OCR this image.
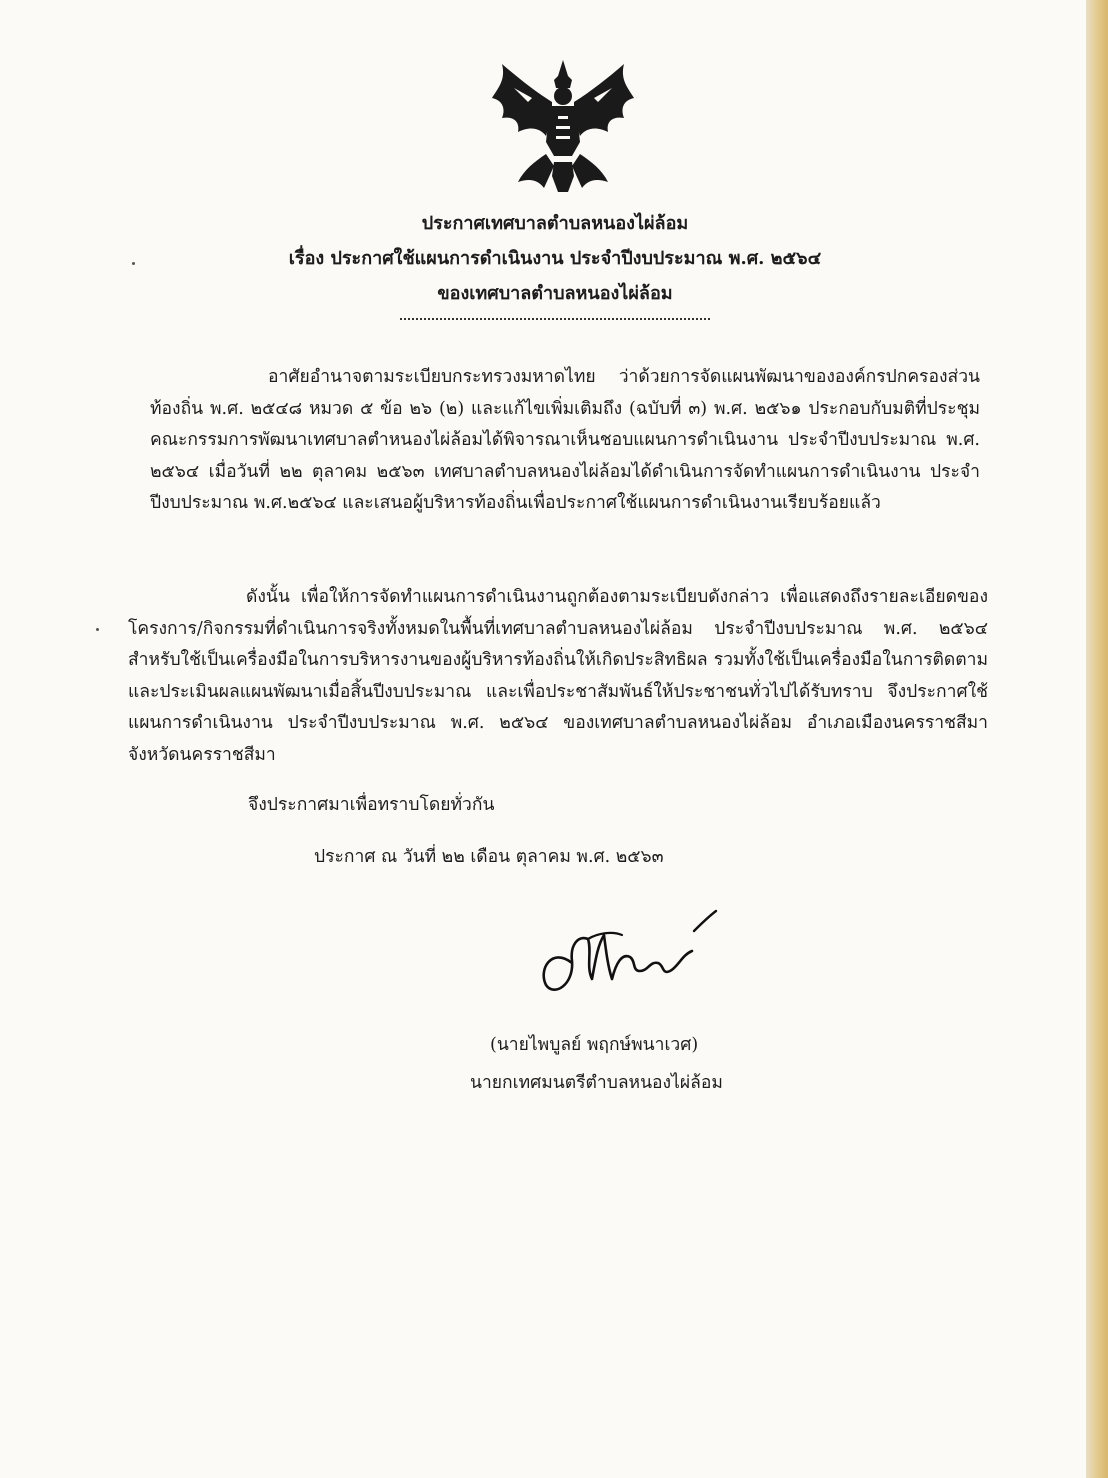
ประกาศเทศบาลตำบลหนองไผ่ล้อม
เรื่อง ประกาศใช้แผนการดำเนินงาน ประจำปีงบประมาณ พ.ศ. ๒๕๖๔
ของเทศบาลตำบลหนองไผ่ล้อม

อาศัยอำนาจตามระเบียบกระทรวงมหาดไทย ว่าด้วยการจัดแผนพัฒนาขององค์กรปกครองส่วนท้องถิ่น พ.ศ. ๒๕๔๘ หมวด ๕ ข้อ ๒๖ (๒) และแก้ไขเพิ่มเติมถึง (ฉบับที่ ๓) พ.ศ. ๒๕๖๑ ประกอบกับมติที่ประชุมคณะกรรมการพัฒนาเทศบาลตำหนองไผ่ล้อมได้พิจารณาเห็นชอบแผนการดำเนินงาน ประจำปีงบประมาณ พ.ศ. ๒๕๖๔ เมื่อวันที่ ๒๒ ตุลาคม ๒๕๖๓ เทศบาลตำบลหนองไผ่ล้อมได้ดำเนินการจัดทำแผนการดำเนินงาน ประจำปีงบประมาณ พ.ศ.๒๕๖๔ และเสนอผู้บริหารท้องถิ่นเพื่อประกาศใช้แผนการดำเนินงานเรียบร้อยแล้ว

ดังนั้น เพื่อให้การจัดทำแผนการดำเนินงานถูกต้องตามระเบียบดังกล่าว เพื่อแสดงถึงรายละเอียดของโครงการ/กิจกรรมที่ดำเนินการจริงทั้งหมดในพื้นที่เทศบาลตำบลหนองไผ่ล้อม ประจำปีงบประมาณ พ.ศ. ๒๕๖๔ สำหรับใช้เป็นเครื่องมือในการบริหารงานของผู้บริหารท้องถิ่นให้เกิดประสิทธิผล รวมทั้งใช้เป็นเครื่องมือในการติดตามและประเมินผลแผนพัฒนาเมื่อสิ้นปีงบประมาณ และเพื่อประชาสัมพันธ์ให้ประชาชนทั่วไปได้รับทราบ จึงประกาศใช้แผนการดำเนินงาน ประจำปีงบประมาณ พ.ศ. ๒๕๖๔ ของเทศบาลตำบลหนองไผ่ล้อม อำเภอเมืองนครราชสีมา จังหวัดนครราชสีมา

จึงประกาศมาเพื่อทราบโดยทั่วกัน
ประกาศ ณ วันที่ ๒๒ เดือน ตุลาคม พ.ศ. ๒๕๖๓
(นายไพบูลย์ พฤกษ์พนาเวศ)
นายกเทศมนตรีตำบลหนองไผ่ล้อม
